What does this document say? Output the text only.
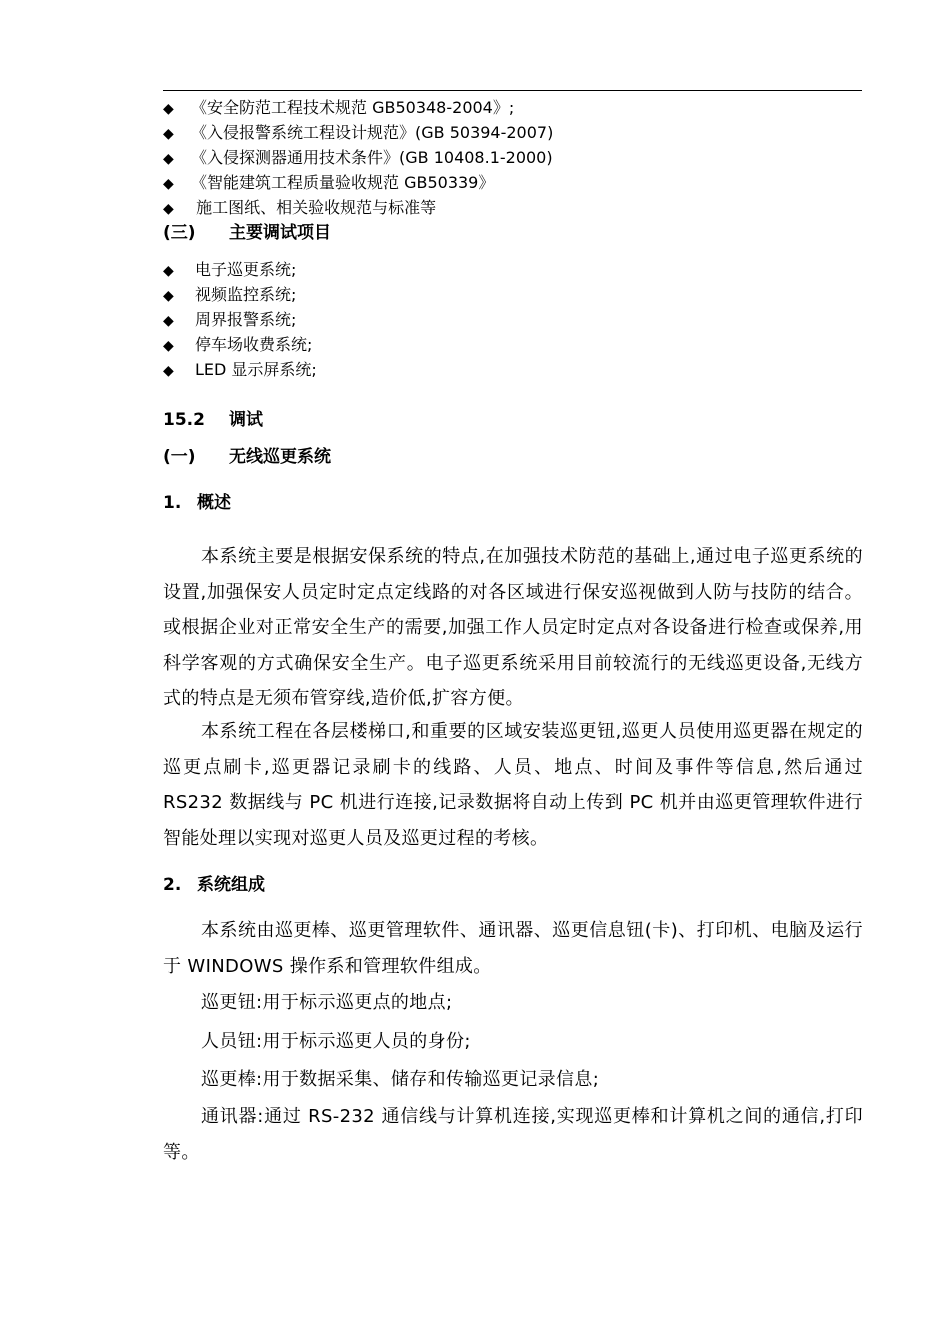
◆ 《安全防范工程技术规范 GB50348-2004》;
◆ 《入侵报警系统工程设计规范》(GB 50394-2007)
◆ 《入侵探测器通用技术条件》(GB 10408.1-2000)
◆ 《智能建筑工程质量验收规范 GB50339》
◆ 施工图纸、相关验收规范与标准等
(三) 主要调试项目
◆ 电子巡更系统;
◆ 视频监控系统;
◆ 周界报警系统;
◆ 停车场收费系统;
◆ LED 显示屏系统;
15.2 调试
(一) 无线巡更系统
1. 概述

本系统主要是根据安保系统的特点,在加强技术防范的基础上,通过电子巡更系统的设置,加强保安人员定时定点定线路的对各区域进行保安巡视做到人防与技防的结合。或根据企业对正常安全生产的需要,加强工作人员定时定点对各设备进行检查或保养,用科学客观的方式确保安全生产。电子巡更系统采用目前较流行的无线巡更设备,无线方式的特点是无须布管穿线,造价低,扩容方便。

本系统工程在各层楼梯口,和重要的区域安装巡更钮,巡更人员使用巡更器在规定的巡更点刷卡,巡更器记录刷卡的线路、人员、地点、时间及事件等信息,然后通过 RS232 数据线与 PC 机进行连接,记录数据将自动上传到 PC 机并由巡更管理软件进行智能处理以实现对巡更人员及巡更过程的考核。

2. 系统组成

本系统由巡更棒、巡更管理软件、通讯器、巡更信息钮(卡)、打印机、电脑及运行于 WINDOWS 操作系和管理软件组成。

巡更钮:用于标示巡更点的地点;

人员钮:用于标示巡更人员的身份;

巡更棒:用于数据采集、储存和传输巡更记录信息;

通讯器:通过 RS-232 通信线与计算机连接,实现巡更棒和计算机之间的通信,打印等。
